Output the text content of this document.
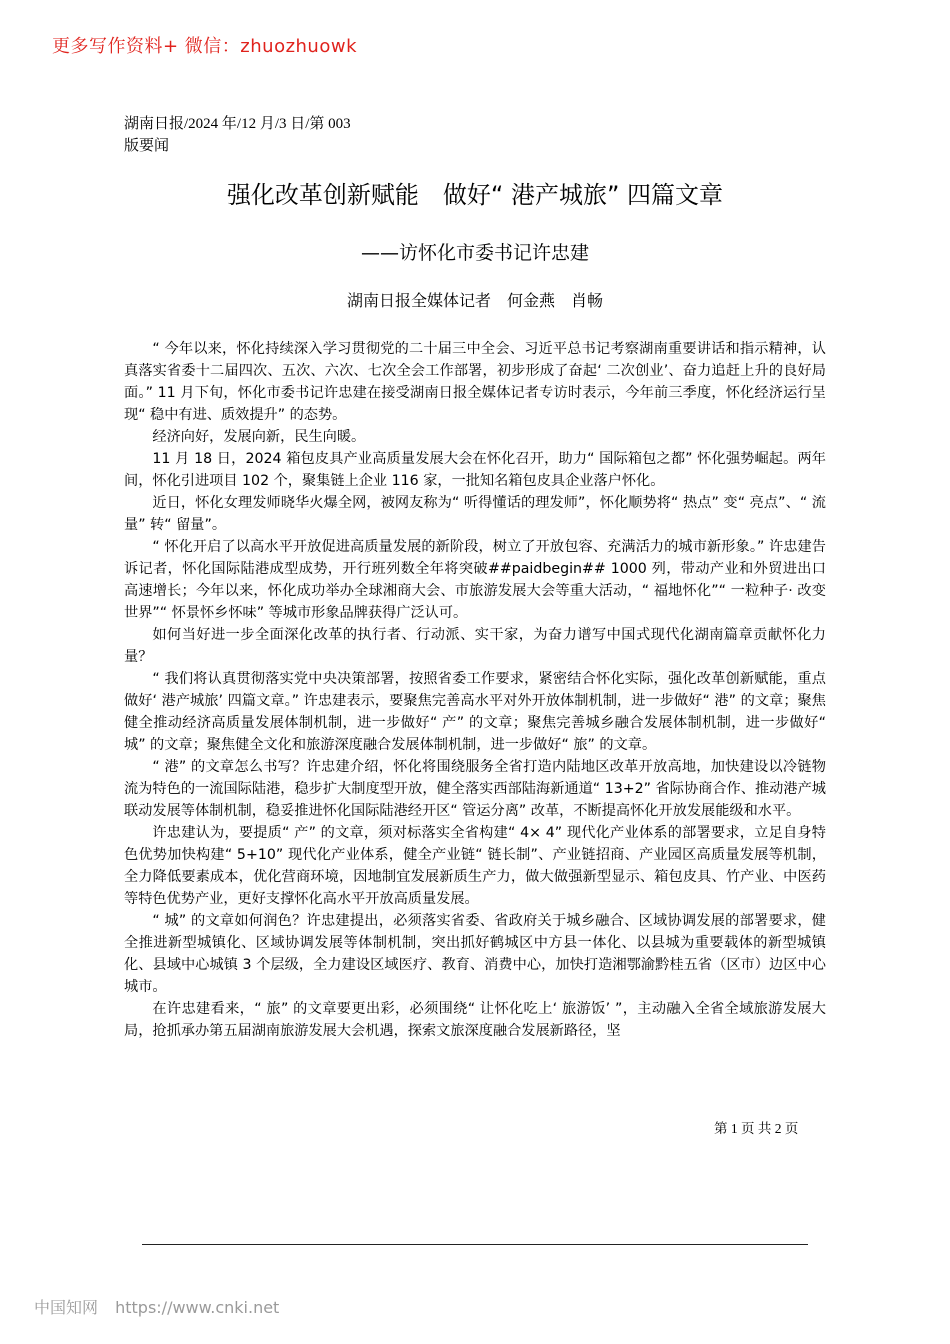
更多写作资料+ 微信：zhuozhuowk
湖南日报/2024 年/12 月/3 日/第 003
版要闻
强化改革创新赋能　做好“ 港产城旅” 四篇文章
——访怀化市委书记许忠建
湖南日报全媒体记者　何金燕　肖畅

“ 今年以来，怀化持续深入学习贯彻党的二十届三中全会、习近平总书记考察湖南重要讲话和指示精神，认真落实省委十二届四次、五次、六次、七次全会工作部署，初步形成了奋起‘ 二次创业’、奋力追赶上升的良好局面。” 11 月下旬，怀化市委书记许忠建在接受湖南日报全媒体记者专访时表示，今年前三季度，怀化经济运行呈现“ 稳中有进、质效提升” 的态势。

经济向好，发展向新，民生向暖。

11 月 18 日，2024 箱包皮具产业高质量发展大会在怀化召开，助力“ 国际箱包之都” 怀化强势崛起。两年间，怀化引进项目 102 个，聚集链上企业 116 家，一批知名箱包皮具企业落户怀化。

近日，怀化女理发师晓华火爆全网，被网友称为“ 听得懂话的理发师”，怀化顺势将“ 热点” 变“ 亮点”、“ 流量” 转“ 留量”。

“ 怀化开启了以高水平开放促进高质量发展的新阶段，树立了开放包容、充满活力的城市新形象。” 许忠建告诉记者，怀化国际陆港成型成势，开行班列数全年将突破##paidbegin## 1000 列，带动产业和外贸进出口高速增长；今年以来，怀化成功举办全球湘商大会、市旅游发展大会等重大活动，“ 福地怀化”“ 一粒种子· 改变世界”“ 怀景怀乡怀味” 等城市形象品牌获得广泛认可。

如何当好进一步全面深化改革的执行者、行动派、实干家，为奋力谱写中国式现代化湖南篇章贡献怀化力量？

“ 我们将认真贯彻落实党中央决策部署，按照省委工作要求，紧密结合怀化实际，强化改革创新赋能，重点做好‘ 港产城旅’ 四篇文章。” 许忠建表示，要聚焦完善高水平对外开放体制机制，进一步做好“ 港” 的文章；聚焦健全推动经济高质量发展体制机制，进一步做好“ 产” 的文章；聚焦完善城乡融合发展体制机制，进一步做好“ 城” 的文章；聚焦健全文化和旅游深度融合发展体制机制，进一步做好“ 旅” 的文章。

“ 港” 的文章怎么书写？许忠建介绍，怀化将围绕服务全省打造内陆地区改革开放高地，加快建设以冷链物流为特色的一流国际陆港，稳步扩大制度型开放，健全落实西部陆海新通道“ 13+2” 省际协商合作、推动港产城联动发展等体制机制，稳妥推进怀化国际陆港经开区“ 管运分离” 改革，不断提高怀化开放发展能级和水平。

许忠建认为，要提质“ 产” 的文章，须对标落实全省构建“ 4× 4” 现代化产业体系的部署要求，立足自身特色优势加快构建“ 5+10” 现代化产业体系，健全产业链“ 链长制”、产业链招商、产业园区高质量发展等机制，全力降低要素成本，优化营商环境，因地制宜发展新质生产力，做大做强新型显示、箱包皮具、竹产业、中医药等特色优势产业，更好支撑怀化高水平开放高质量发展。

“ 城” 的文章如何润色？许忠建提出，必须落实省委、省政府关于城乡融合、区域协调发展的部署要求，健全推进新型城镇化、区域协调发展等体制机制，突出抓好鹤城区中方县一体化、以县城为重要载体的新型城镇化、县域中心城镇 3 个层级，全力建设区域医疗、教育、消费中心，加快打造湘鄂渝黔桂五省（区市）边区中心城市。

在许忠建看来，“ 旅” 的文章要更出彩，必须围绕“ 让怀化吃上‘ 旅游饭’ ”，主动融入全省全域旅游发展大局，抢抓承办第五届湖南旅游发展大会机遇，探索文旅深度融合发展新路径，坚

第 1 页 共 2 页
中国知网 https://www.cnki.net
